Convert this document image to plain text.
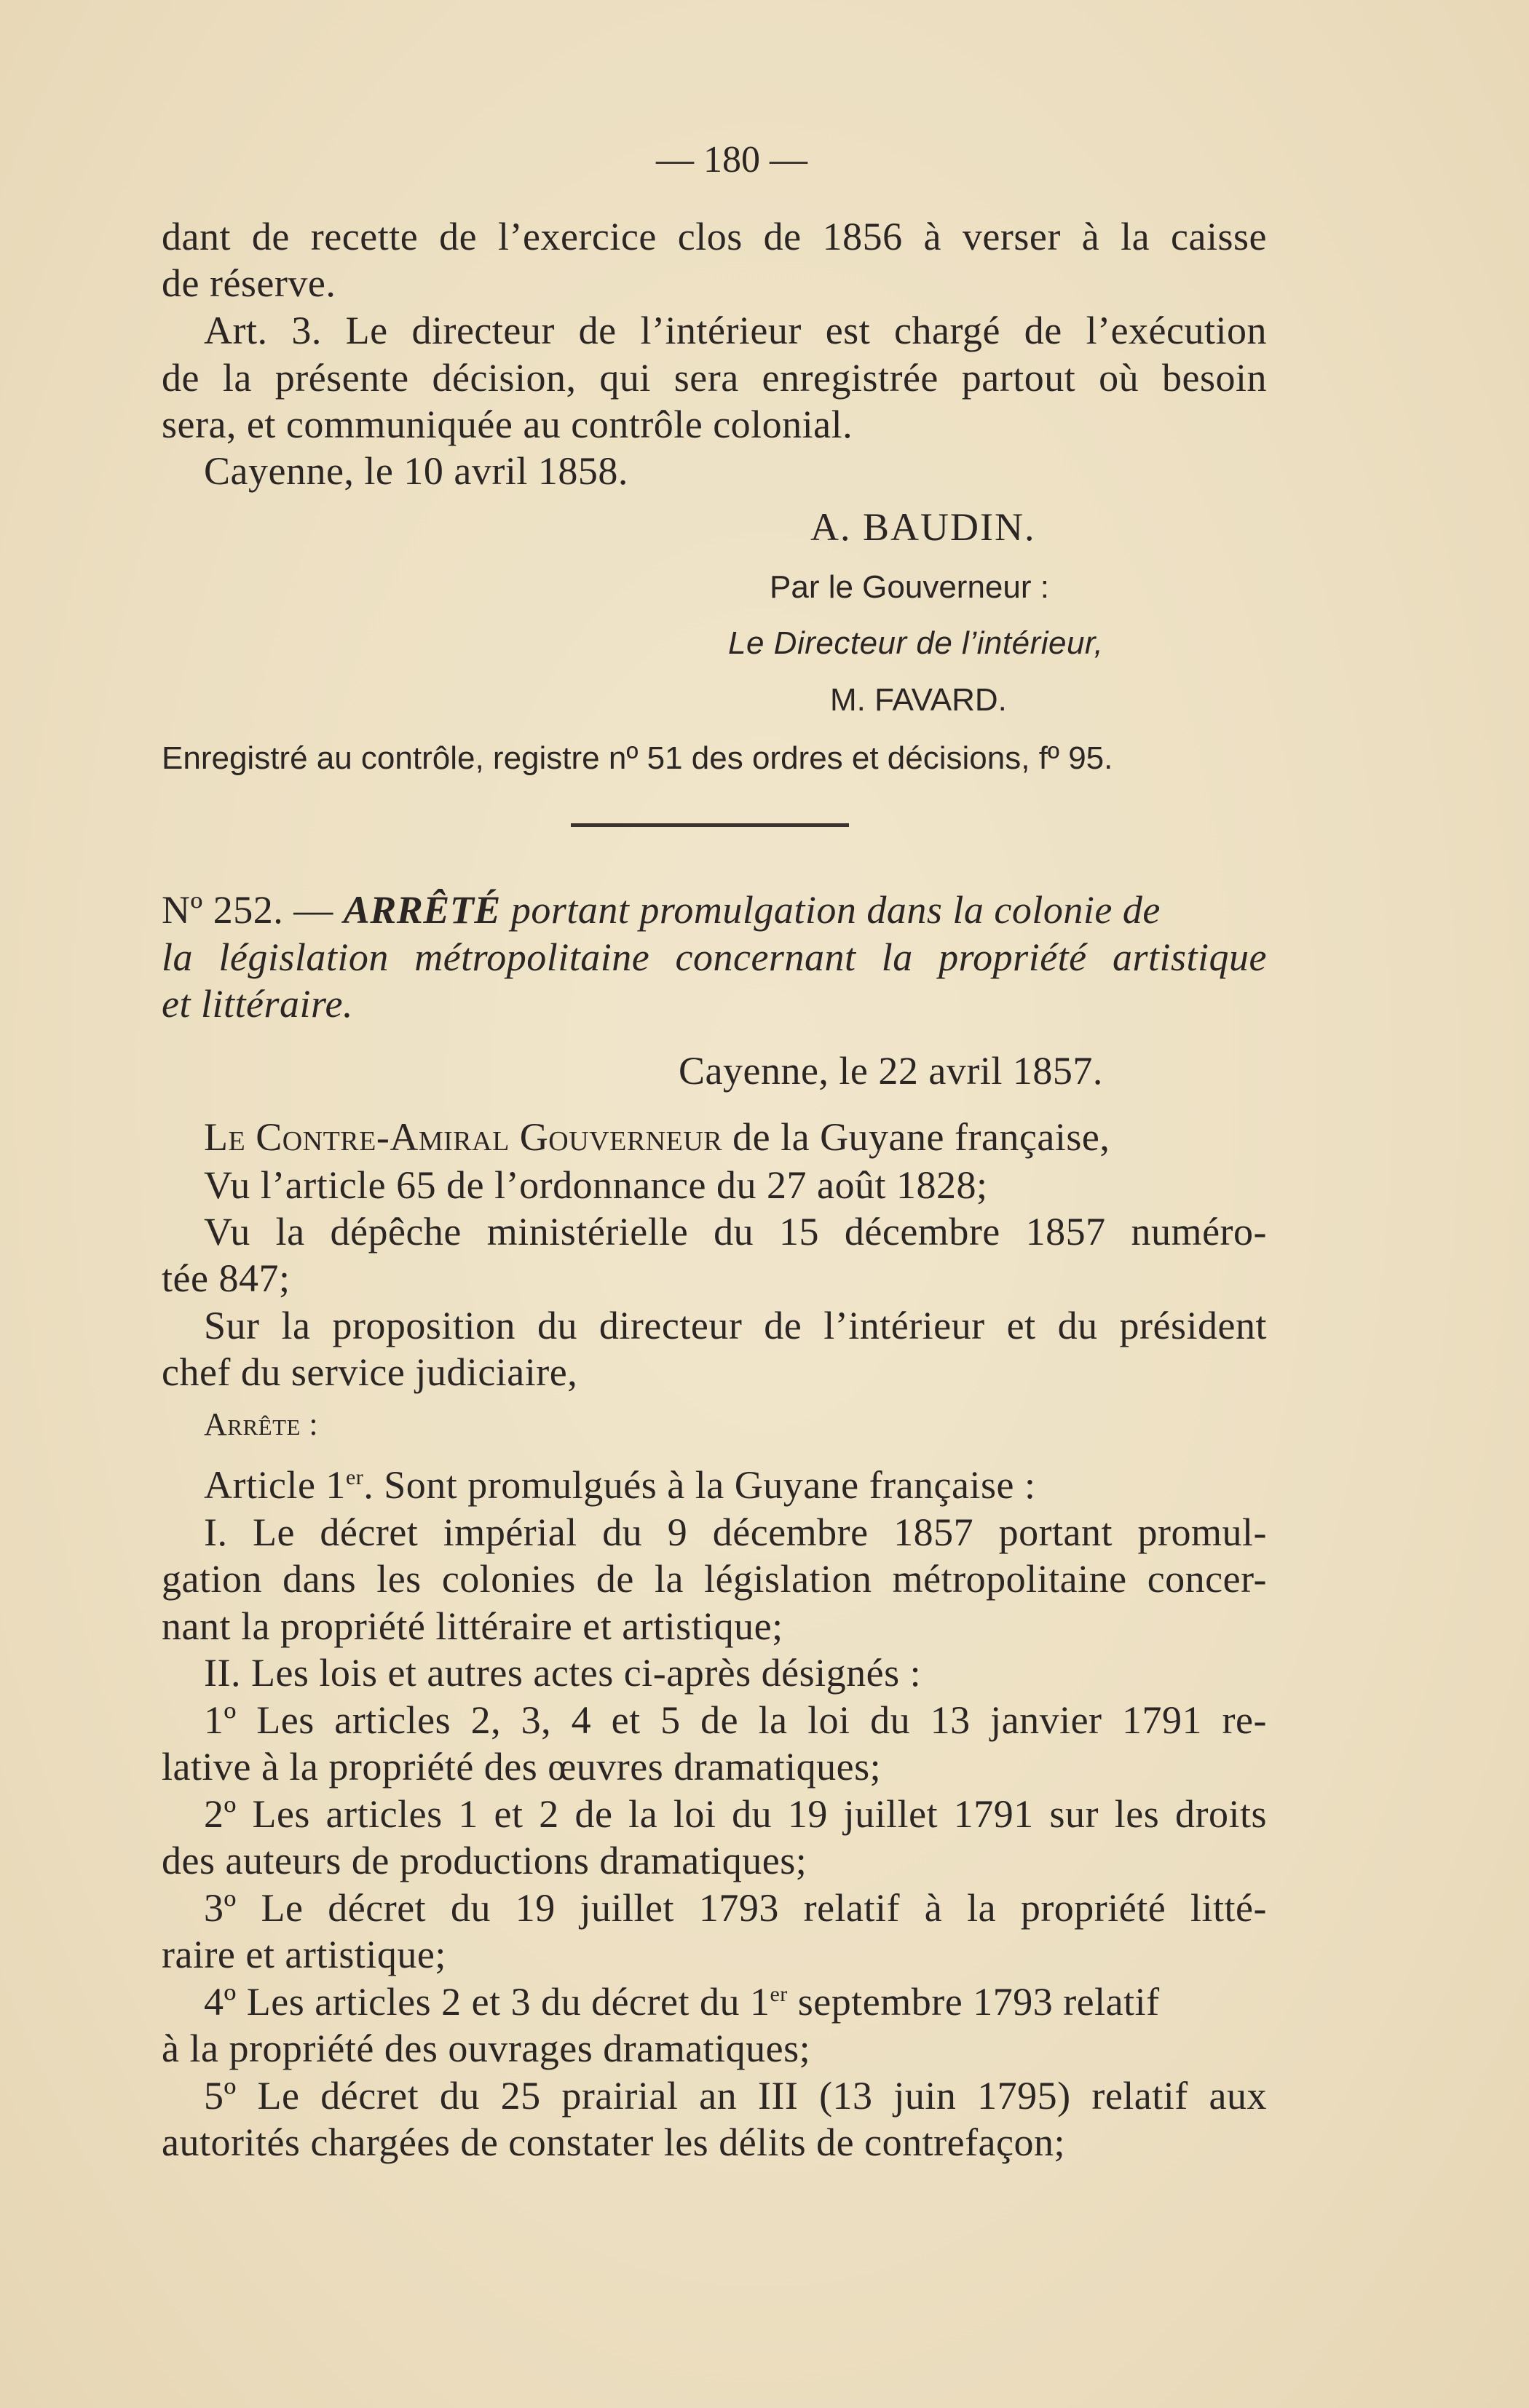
— 180 —
dant de recette de l’exercice clos de 1856 à verser à la caisse
de réserve.
Art. 3. Le directeur de l’intérieur est chargé de l’exécution
de la présente décision, qui sera enregistrée partout où besoin
sera, et communiquée au contrôle colonial.
Cayenne, le 10 avril 1858.
A. BAUDIN.
Par le Gouverneur :
Le Directeur de l’intérieur,
M. FAVARD.
Enregistré au contrôle, registre nº 51 des ordres et décisions, fº 95.
Nº 252. — ARRÊTÉ portant promulgation dans la colonie de
la législation métropolitaine concernant la propriété artistique
et littéraire.
Cayenne, le 22 avril 1857.
Le Contre-Amiral Gouverneur de la Guyane française,
Vu l’article 65 de l’ordonnance du 27 août 1828;
Vu la dépêche ministérielle du 15 décembre 1857 numéro-
tée 847;
Sur la proposition du directeur de l’intérieur et du président
chef du service judiciaire,
Arrête :
Article 1er. Sont promulgués à la Guyane française :
I. Le décret impérial du 9 décembre 1857 portant promul-
gation dans les colonies de la législation métropolitaine concer-
nant la propriété littéraire et artistique;
II. Les lois et autres actes ci-après désignés :
1º Les articles 2, 3, 4 et 5 de la loi du 13 janvier 1791 re-
lative à la propriété des œuvres dramatiques;
2º Les articles 1 et 2 de la loi du 19 juillet 1791 sur les droits
des auteurs de productions dramatiques;
3º Le décret du 19 juillet 1793 relatif à la propriété litté-
raire et artistique;
4º Les articles 2 et 3 du décret du 1er septembre 1793 relatif
à la propriété des ouvrages dramatiques;
5º Le décret du 25 prairial an III (13 juin 1795) relatif aux
autorités chargées de constater les délits de contrefaçon;
